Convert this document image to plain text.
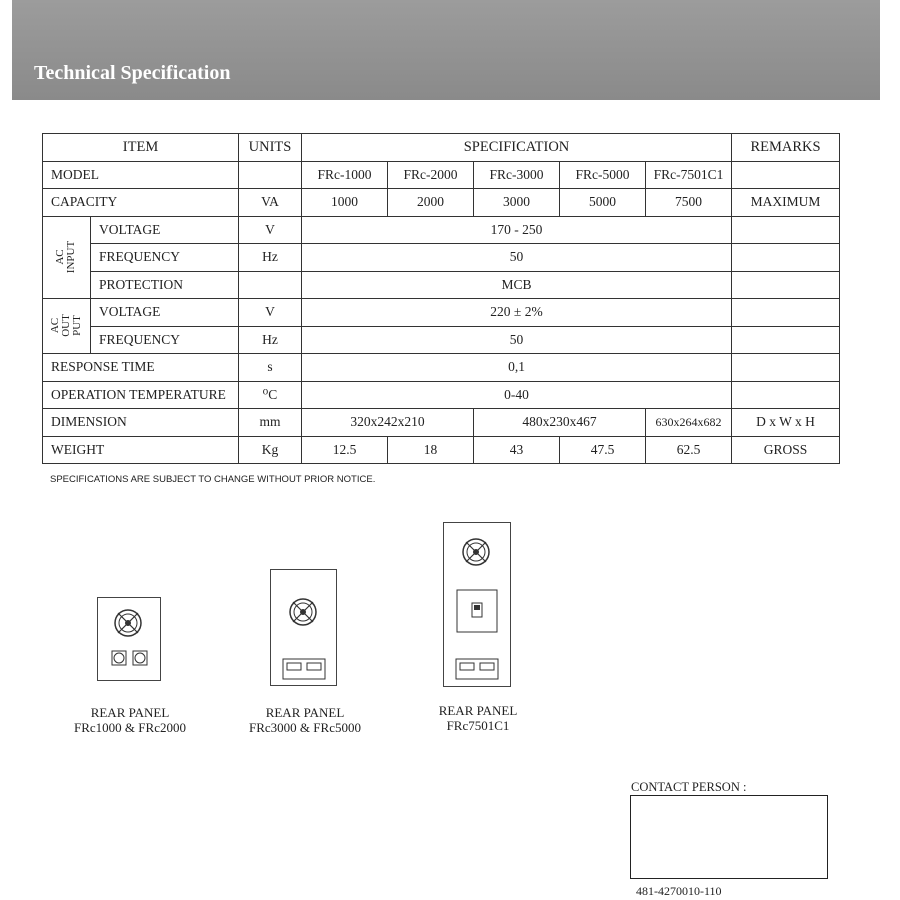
Technical Specification
ITEM		UNITS	SPECIFICATION					REMARKS
MODEL			FRc-1000	FRc-2000	FRc-3000	FRc-5000	FRc-7501C1	
CAPACITY		VA	1000	2000	3000	5000	7500	MAXIMUM
AC
INPUT	VOLTAGE	V	170 - 250					
	FREQUENCY	Hz	50					
	PROTECTION		MCB					
AC
OUT
PUT	VOLTAGE	V	220 ± 2%					
	FREQUENCY	Hz	50					
RESPONSE TIME		s	0,1					
OPERATION TEMPERATURE		⁰C	0-40					
DIMENSION		mm	320x242x210		480x230x467		630x264x682	D x W x H
WEIGHT		Kg	12.5	18	43	47.5	62.5	GROSS
SPECIFICATIONS ARE SUBJECT TO CHANGE WITHOUT PRIOR NOTICE.
REAR PANEL
FRc1000 & FRc2000
REAR PANEL
FRc3000 & FRc5000
REAR PANEL
FRc7501C1
CONTACT PERSON :
481-4270010-110
